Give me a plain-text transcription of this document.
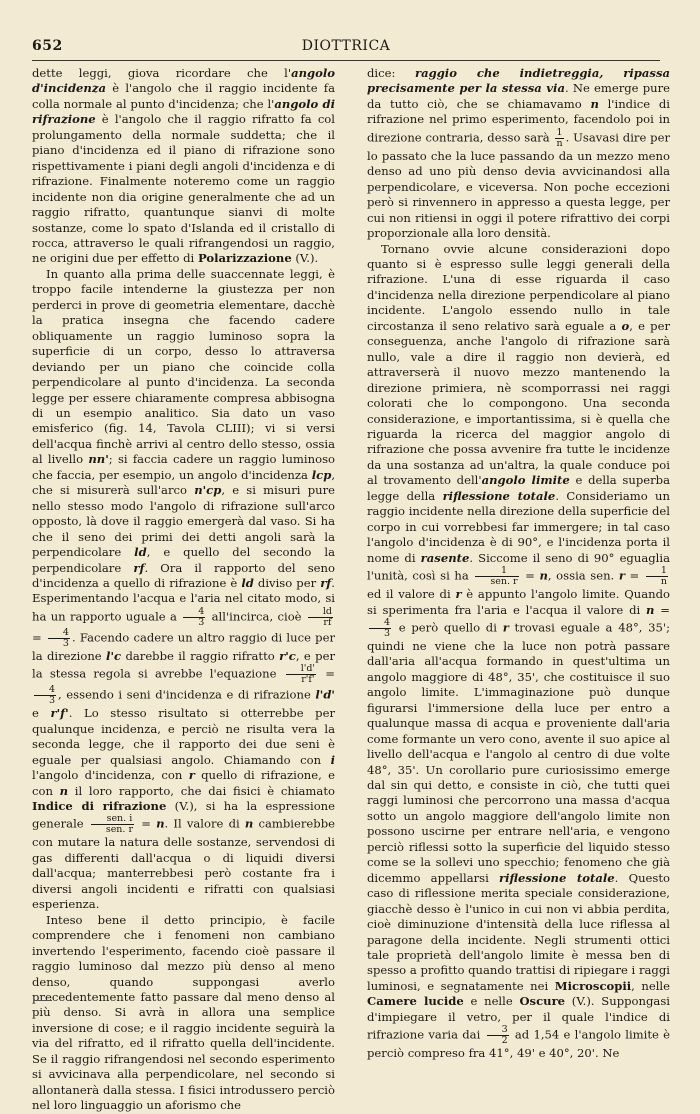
652	DIOTTRICA

dette leggi, giova ricordare che l'angolo d'incidenza è l'angolo che il raggio incidente fa colla normale al punto d'incidenza; che l'angolo di rifrazione è l'angolo che il raggio rifratto fa col prolungamento della normale suddetta; che il piano d'incidenza ed il piano di rifrazione sono rispettivamente i piani degli angoli d'incidenza e di rifrazione. Finalmente noteremo come un raggio incidente non dia origine generalmente che ad un raggio rifratto, quantunque sianvi di molte sostanze, come lo spato d'Islanda ed il cristallo di rocca, attraverso le quali rifrangendosi un raggio, ne origini due per effetto di Polarizzazione (V.).

In quanto alla prima delle suaccennate leggi, è troppo facile intenderne la giustezza per non perderci in prove di geometria elementare, dacchè la pratica insegna che facendo cadere obliquamente un raggio luminoso sopra la superficie di un corpo, desso lo attraversa deviando per un piano che coincide colla perpendicolare al punto d'incidenza. La seconda legge per essere chiaramente compresa abbisogna di un esempio analitico. Sia dato un vaso emisferico (fig. 14, Tavola CLIII); vi si versi dell'acqua finchè arrivi al centro dello stesso, ossia al livello nn'; si faccia cadere un raggio luminoso che faccia, per esempio, un angolo d'incidenza lcp, che si misurerà sull'arco n'cp, e si misuri pure nello stesso modo l'angolo di rifrazione sull'arco opposto, là dove il raggio emergerà dal vaso. Si ha che il seno dei primi dei detti angoli sarà la perpendicolare ld, e quello del secondo la perpendicolare rf. Ora il rapporto del seno d'incidenza a quello di rifrazione è ld diviso per rf. Esperimentando l'acqua e l'aria nel citato modo, si ha un rapporto uguale a $\frac{4}{3}$ all'incirca, cioè $\frac{ld}{rf}$
= $\frac{4}{3}$ . Facendo cadere un altro raggio di luce per la direzione l'c darebbe il raggio rifratto r'c, e per la stessa regola si avrebbe l'equazione $\frac{l'd'}{r'f'}$ =
$\frac{4}{3}$ , essendo i seni d'incidenza e di rifrazione l'd' e r'f'. Lo stesso risultato si otterrebbe per qualunque incidenza, e perciò ne risulta vera la seconda legge, che il rapporto dei due seni è eguale per qualsiasi angolo. Chiamando con i l'angolo d'incidenza, con r quello di rifrazione, e con n il loro rapporto, che dai fisici è chiamato Indice di rifrazione (V.), si ha la espressione generale $\frac{\text{sen. i}}{\text{sen. r}} = n$. Il valore di n cambierebbe con mutare la natura delle sostanze, servendosi di gas differenti dall'acqua o di liquidi diversi dall'acqua; manterrebbesi però costante fra i diversi angoli incidenti e rifratti con qualsiasi esperienza.

Inteso bene il detto principio, è facile comprendere che i fenomeni non cambiano invertendo l'esperimento, facendo cioè passare il raggio luminoso dal mezzo più denso al meno denso, quando suppongasi averlo precedentemente fatto passare dal meno denso al più denso. Si avrà in allora una semplice inversione di cose; e il raggio incidente seguirà la via del rifratto, ed il rifratto quella dell'incidente. Se il raggio rifrangendosi nel secondo esperimento si avvicinava alla perpendicolare, nel secondo si allontanerà dalla stessa. I fisici introdussero perciò nel loro linguaggio un aforismo che

dice: raggio che indietreggia, ripassa precisamente per la stessa via. Ne emerge pure da tutto ciò, che se chiamavamo n l'indice di rifrazione nel primo esperimento, facendolo poi in direzione contraria, desso sarà $\frac{1}{n}$ . Usavasi dire per lo passato che la luce passando da un mezzo meno denso ad uno più denso devia avvicinandosi alla perpendicolare, e viceversa. Non poche eccezioni però si rinvennero in appresso a questa legge, per cui non ritiensi in oggi il potere rifrattivo dei corpi proporzionale alla loro densità.

Tornano ovvie alcune considerazioni dopo quanto si è espresso sulle leggi generali della rifrazione. L'una di esse riguarda il caso d'incidenza nella direzione perpendicolare al piano incidente. L'angolo essendo nullo in tale circostanza il seno relativo sarà eguale a o, e per conseguenza, anche l'angolo di rifrazione sarà nullo, vale a dire il raggio non devierà, ed attraverserà il nuovo mezzo mantenendo la direzione primiera, nè scomporrassi nei raggi colorati che lo compongono. Una seconda considerazione, e importantissima, si è quella che riguarda la ricerca del maggior angolo di rifrazione che possa avvenire fra tutte le incidenze da una sostanza ad un'altra, la quale conduce poi al trovamento dell'angolo limite e della superba legge della riflessione totale. Consideriamo un raggio incidente nella direzione della superficie del corpo in cui vorrebbesi far immergere; in tal caso l'angolo d'incidenza è di 90°, e l'incidenza porta il nome di rasente. Siccome il seno di 90° eguaglia l'unità, così si ha $\frac{1}{\text{sen. r}} = n$, ossia sen. $r = \frac{1}{n}$
ed il valore di r è appunto l'angolo limite. Quando si sperimenta fra l'aria e l'acqua il valore di n =
$\frac{4}{3}$ e però quello di r trovasi eguale a 48°, 35'; quindi ne viene che la luce non potrà passare dall'aria all'acqua formando in quest'ultima un angolo maggiore di 48°, 35', che costituisce il suo angolo limite. L'immaginazione può dunque figurarsi l'immersione della luce per entro a qualunque massa di acqua e proveniente dall'aria come formante un vero cono, avente il suo apice al livello dell'acqua e l'angolo al centro di due volte 48°, 35'. Un corollario pure curiosissimo emerge dal sin qui detto, e consiste in ciò, che tutti quei raggi luminosi che percorrono una massa d'acqua sotto un angolo maggiore dell'angolo limite non possono uscirne per entrare nell'aria, e vengono perciò riflessi sotto la superficie del liquido stesso come se la sollevi uno specchio; fenomeno che già dicemmo appellarsi riflessione totale. Questo caso di riflessione merita speciale considerazione, giacchè desso è l'unico in cui non vi abbia perdita, cioè diminuzione d'intensità della luce riflessa al paragone della incidente. Negli strumenti ottici tale proprietà dell'angolo limite è messa ben di spesso a profitto quando trattisi di ripiegare i raggi luminosi, e segnatamente nei Microscopii, nelle Camere lucide e nelle Oscure (V.). Suppongasi d'impiegare il vetro, per il quale l'indice di rifrazione varia dai $\frac{3}{2}$ ad 1,54 e l'angolo limite è perciò compreso fra 41°, 49' e 40°, 20'. Ne
